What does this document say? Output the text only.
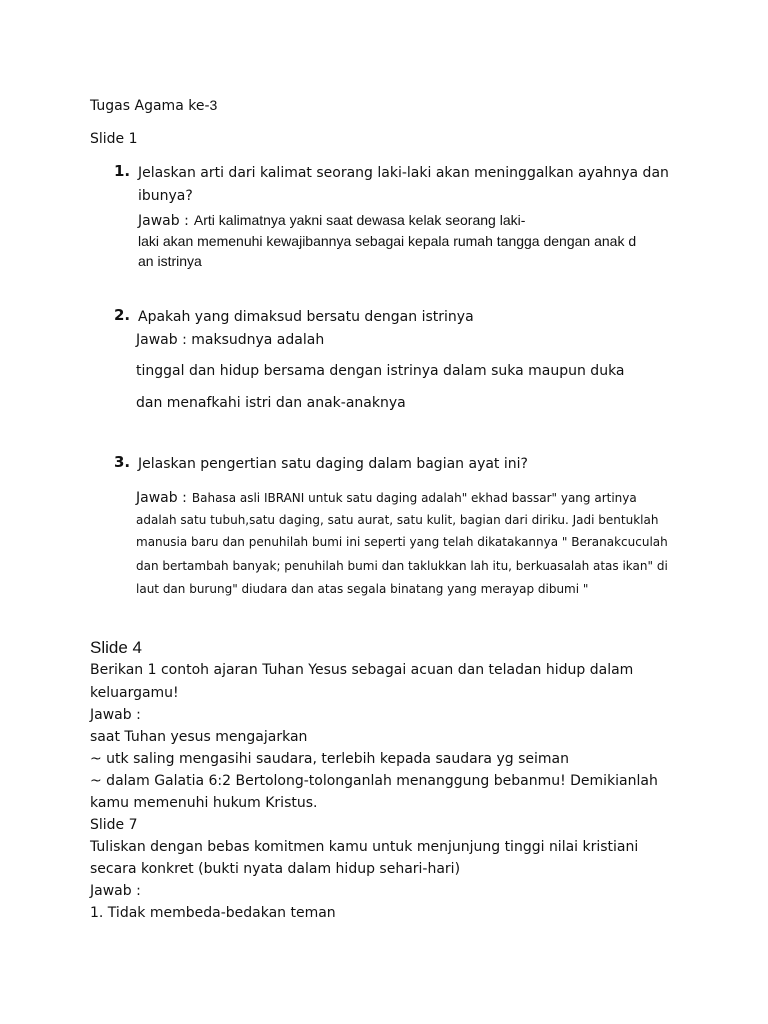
Tugas Agama ke-3
Slide 1
1. Jelaskan arti dari kalimat seorang laki-laki akan meninggalkan ayahnya dan
ibunya?
Jawab : Arti kalimatnya yakni saat dewasa kelak seorang laki-
laki akan memenuhi kewajibannya sebagai kepala rumah tangga dengan anak d
an istrinya
2. Apakah yang dimaksud bersatu dengan istrinya
Jawab : maksudnya adalah
tinggal dan hidup bersama dengan istrinya dalam suka maupun duka
dan menafkahi istri dan anak-anaknya
3. Jelaskan pengertian satu daging dalam bagian ayat ini?
Jawab : Bahasa asli IBRANI untuk satu daging adalah" ekhad bassar" yang artinya
adalah satu tubuh,satu daging, satu aurat, satu kulit, bagian dari diriku. Jadi bentuklah
manusia baru dan penuhilah bumi ini seperti yang telah dikatakannya " Beranakcuculah
dan bertambah banyak; penuhilah bumi dan taklukkan lah itu, berkuasalah atas ikan" di
laut dan burung" diudara dan atas segala binatang yang merayap dibumi "
Slide 4
Berikan 1 contoh ajaran Tuhan Yesus sebagai acuan dan teladan hidup dalam
keluargamu!
Jawab :
saat Tuhan yesus mengajarkan
~ utk saling mengasihi saudara, terlebih kepada saudara yg seiman
~ dalam Galatia 6:2 Bertolong-tolonganlah menanggung bebanmu! Demikianlah
kamu memenuhi hukum Kristus.
Slide 7
Tuliskan dengan bebas komitmen kamu untuk menjunjung tinggi nilai kristiani
secara konkret (bukti nyata dalam hidup sehari-hari)
Jawab :
1. Tidak membeda-bedakan teman
